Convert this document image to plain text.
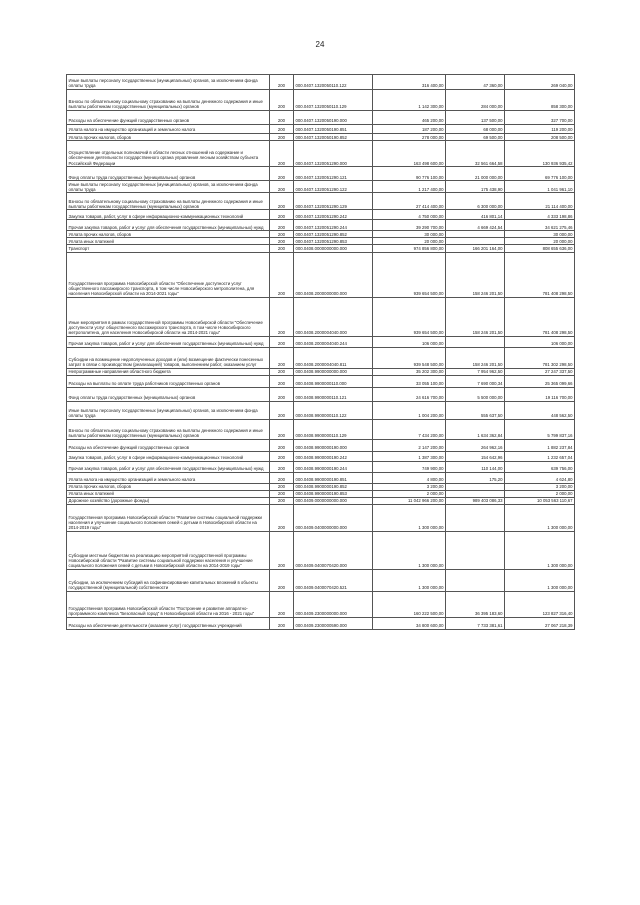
24
Иные выплаты персоналу государственных (муниципальных) органов, за исключением фонда оплаты труда	200	000.0407.1320050110.122	316 400,00	47 360,00	269 040,00
Взносы по обязательному социальному страхованию на выплаты денежного содержания и иные выплаты работникам государственных (муниципальных) органов	200	000.0407.1320050110.129	1 142 300,00	284 000,00	858 300,00
Расходы на обеспечение функций государственных органов	200	000.0407.1320050190.000	465 200,00	137 500,00	327 700,00
Уплата налога на имущество организаций и земельного налога	200	000.0407.1320050190.851	187 200,00	68 000,00	119 200,00
Уплата прочих налогов, сборов	200	000.0407.1320050190.852	278 000,00	69 500,00	208 500,00
Осуществление отдельных полномочий в области лесных отношений на содержание и обеспечение деятельности государственного органа управления лесным хозяйством субъекта Российской Федерации	200	000.0407.1320051290.000	163 498 600,00	32 561 664,58	130 936 935,42
Фонд оплаты труда государственных (муниципальных) органов	200	000.0407.1320051290.121	90 776 100,00	21 000 000,00	69 776 100,00
Иные выплаты персоналу государственных (муниципальных) органов, за исключением фонда оплаты труда	200	000.0407.1320051290.122	1 217 400,00	175 438,90	1 041 961,10
Взносы по обязательному социальному страхованию на выплаты денежного содержания и иные выплаты работникам государственных (муниципальных) органов	200	000.0407.1320051290.129	27 414 400,00	6 300 000,00	21 114 400,00
Закупка товаров, работ, услуг в сфере информационно-коммуникационных технологий	200	000.0407.1320051290.242	4 750 000,00	416 801,14	4 333 198,86
Прочая закупка товаров, работ и услуг для обеспечения государственных (муниципальных) нужд	200	000.0407.1320051290.244	39 290 700,00	4 669 424,54	34 621 275,46
Уплата прочих налогов, сборов	200	000.0407.1320051290.852	30 000,00		30 000,00
Уплата иных платежей	200	000.0407.1320051290.853	20 000,00		20 000,00
Транспорт	200	000.0408.0000000000.000	974 856 800,00	166 201 164,00	808 655 636,00
Государственная программа Новосибирской области "Обеспечение доступности услуг общественного пассажирского транспорта, в том числе Новосибирского метрополитена, для населения Новосибирской области на 2014-2021 годы"	200	000.0408.2000000000.000	939 654 500,00	158 246 201,50	781 408 298,50
Иные мероприятия в рамках государственной программы Новосибирской области "Обеспечение доступности услуг общественного пассажирского транспорта, в том числе Новосибирского метрополитена, для населения Новосибирской области на 2014-2021 годы"	200	000.0408.2000004040.000	939 654 500,00	158 246 201,50	781 408 298,50
Прочая закупка товаров, работ и услуг для обеспечения государственных (муниципальных) нужд	200	000.0408.2000004040.244	106 000,00		106 000,00
Субсидии на возмещение недополученных доходов и (или) возмещение фактически понесенных затрат в связи с производством (реализацией) товаров, выполнением работ, оказанием услуг	200	000.0408.2000004040.811	939 548 500,00	158 246 201,50	781 302 298,50
Непрограммные направления областного бюджета	200	000.0408.9900000000.000	35 202 300,00	7 954 962,50	27 247 337,50
Расходы на выплаты по оплате труда работников государственных органов	200	000.0408.9900000110.000	33 055 100,00	7 690 000,34	25 365 099,66
Фонд оплаты труда государственных (муниципальных) органов	200	000.0408.9900000110.121	24 616 700,00	5 500 000,00	19 116 700,00
Иные выплаты персоналу государственных (муниципальных) органов, за исключением фонда оплаты труда	200	000.0408.9900000110.122	1 004 200,00	555 637,50	448 562,50
Взносы по обязательному социальному страхованию на выплаты денежного содержания и иные выплаты работникам государственных (муниципальных) органов	200	000.0408.9900000110.129	7 434 200,00	1 634 362,84	5 799 837,16
Расходы на обеспечение функций государственных органов	200	000.0408.9900000190.000	2 147 200,00	264 962,16	1 882 237,84
Закупка товаров, работ, услуг в сфере информационно-коммуникационных технологий	200	000.0408.9900000190.242	1 387 300,00	154 642,96	1 232 657,04
Прочая закупка товаров, работ и услуг для обеспечения государственных (муниципальных) нужд	200	000.0408.9900000190.244	749 900,00	110 144,00	639 756,00
Уплата налога на имущество организаций и земельного налога	200	000.0408.9900000190.851	4 800,00	175,20	4 624,80
Уплата прочих налогов, сборов	200	000.0408.9900000190.852	3 200,00		3 200,00
Уплата иных платежей	200	000.0408.9900000190.853	2 000,00		2 000,00
Дорожное хозяйство (дорожные фонды)	200	000.0409.0000000000.000	11 042 966 200,00	989 403 086,33	10 053 563 110,67
Государственная программа Новосибирской области "Развитие системы социальной поддержки населения и улучшение социального положения семей с детьми в Новосибирской области на 2014-2019 годы"	200	000.0409.0400000000.000	1 300 000,00		1 300 000,00
Субсидии местным бюджетам на реализацию мероприятий государственной программы Новосибирской области "Развитие системы социальной поддержки населения и улучшение социального положения семей с детьми в Новосибирской области на 2014-2019 годы"	200	000.0409.0400070420.000	1 300 000,00		1 300 000,00
Субсидии, за исключением субсидий на софинансирование капитальных вложений в объекты государственной (муниципальной) собственности	200	000.0409.0400070420.521	1 300 000,00		1 300 000,00
Государственная программа Новосибирской области "Построение и развитие аппаратно-программного комплекса "Безопасный город" в Новосибирской области на 2016 - 2021 годы"	200	000.0409.2300000000.000	160 222 500,00	36 395 183,60	123 827 316,40
Расходы на обеспечение деятельности (оказание услуг) государственных учреждений	200	000.0409.2300000590.000	34 800 600,00	7 733 381,61	27 067 218,39
